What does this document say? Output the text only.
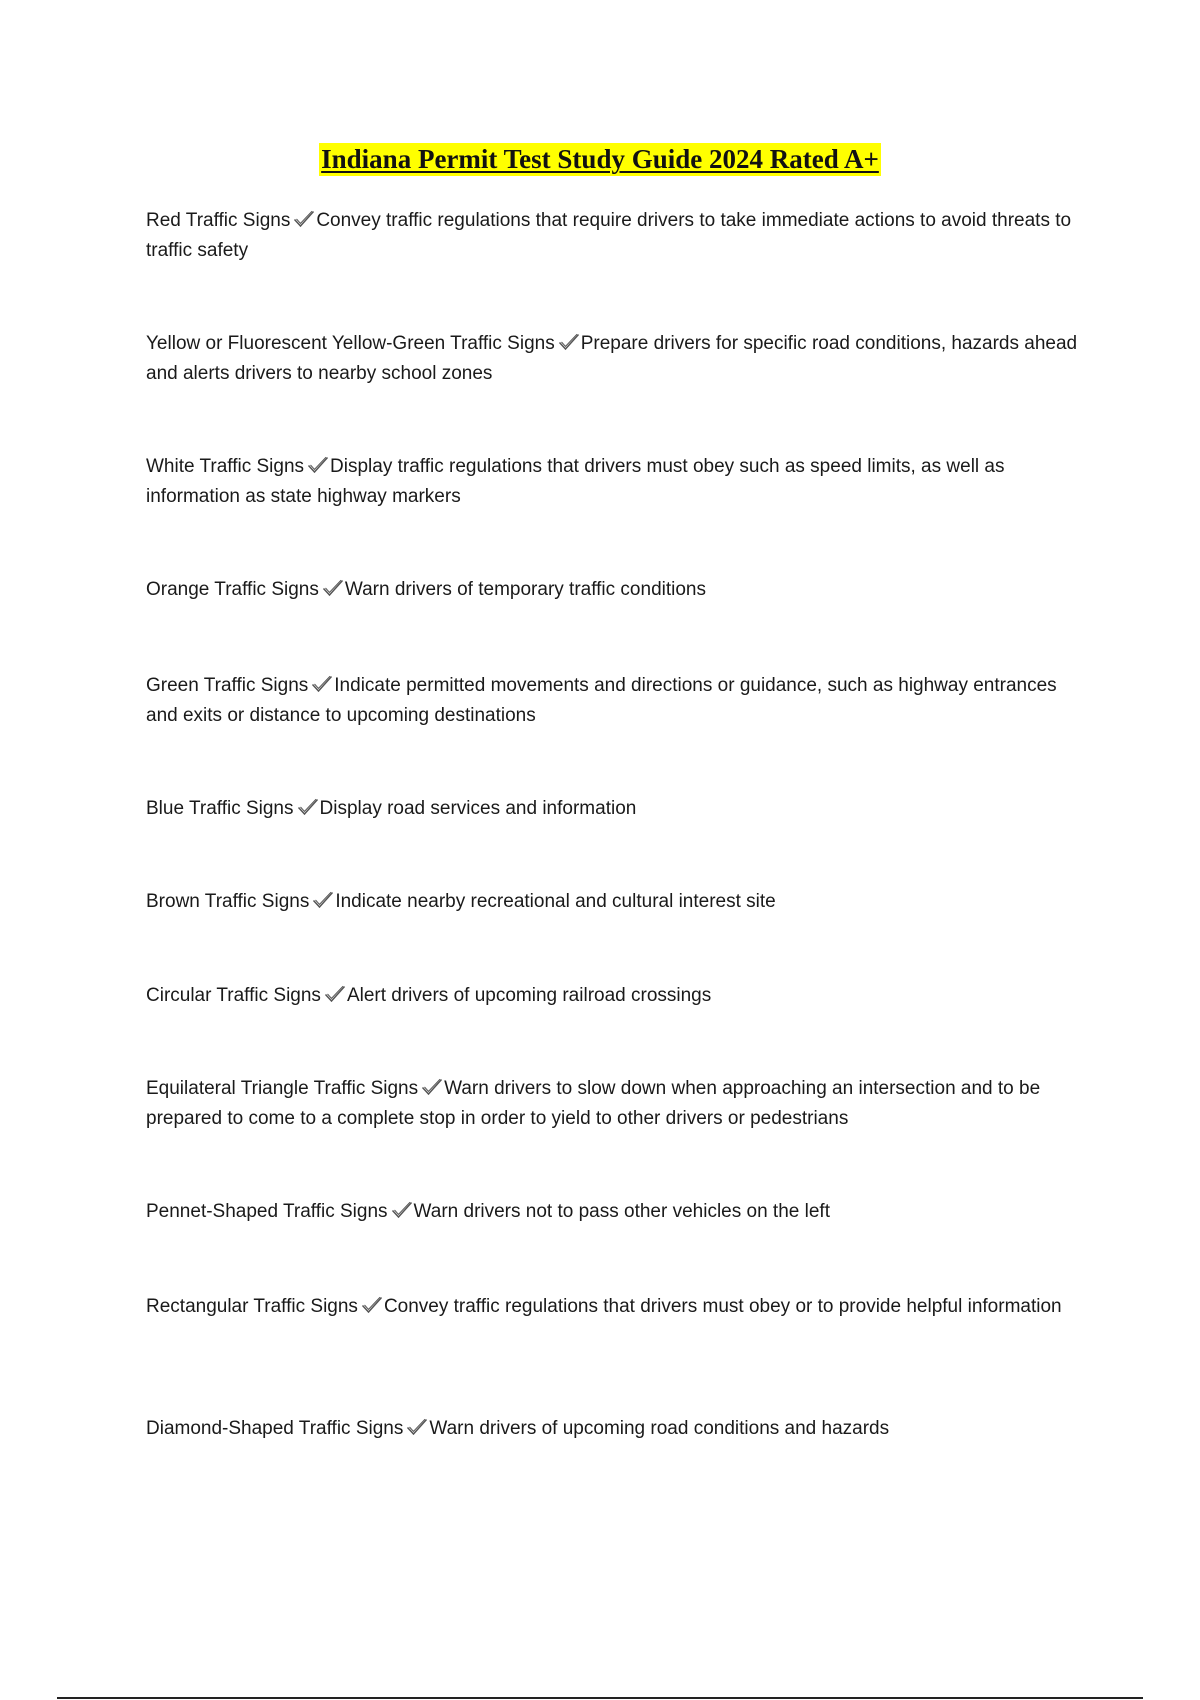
Indiana Permit Test Study Guide 2024 Rated A+
Red Traffic Signs Convey traffic regulations that require drivers to take immediate actions to avoid threats to traffic safety
Yellow or Fluorescent Yellow-Green Traffic Signs Prepare drivers for specific road conditions, hazards ahead and alerts drivers to nearby school zones
White Traffic Signs Display traffic regulations that drivers must obey such as speed limits, as well as information as state highway markers
Orange Traffic Signs Warn drivers of temporary traffic conditions
Green Traffic Signs Indicate permitted movements and directions or guidance, such as highway entrances and exits or distance to upcoming destinations
Blue Traffic Signs Display road services and information
Brown Traffic Signs Indicate nearby recreational and cultural interest site
Circular Traffic Signs Alert drivers of upcoming railroad crossings
Equilateral Triangle Traffic Signs Warn drivers to slow down when approaching an intersection and to be prepared to come to a complete stop in order to yield to other drivers or pedestrians
Pennet-Shaped Traffic Signs Warn drivers not to pass other vehicles on the left
Rectangular Traffic Signs Convey traffic regulations that drivers must obey or to provide helpful information
Diamond-Shaped Traffic Signs Warn drivers of upcoming road conditions and hazards
